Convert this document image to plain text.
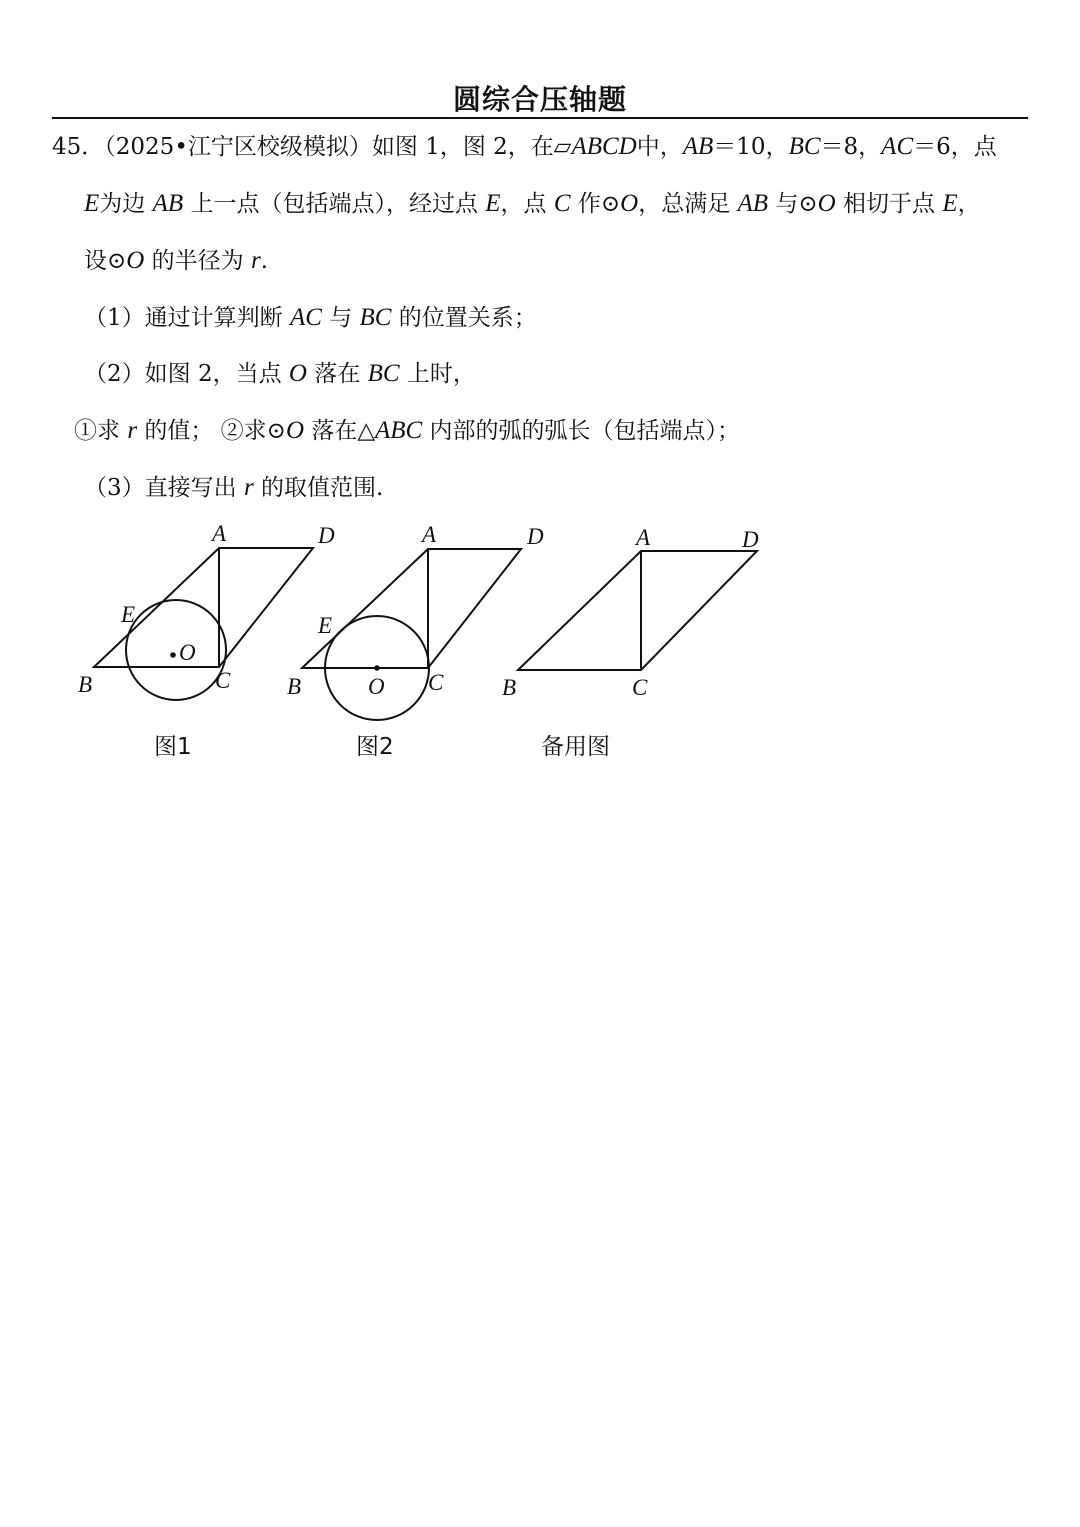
圆综合压轴题
45．（2025•江宁区校级模拟）如图 1，图 2，在▱ABCD中，AB＝10，BC＝8，AC＝6，点
E为边 AB 上一点（包括端点），经过点 E，点 C 作⊙O，总满足 AB 与⊙O 相切于点 E，
设⊙O 的半径为 r.
（1）通过计算判断 AC 与 BC 的位置关系；
（2）如图 2，当点 O 落在 BC 上时，
①求 r 的值； ②求⊙O 落在△ABC 内部的弧的弧长（包括端点）；
（3）直接写出 r 的取值范围.
A	D
E
O
B	C
图1
A	D
E
O
B	C
图2
A	D
B	C
备用图
